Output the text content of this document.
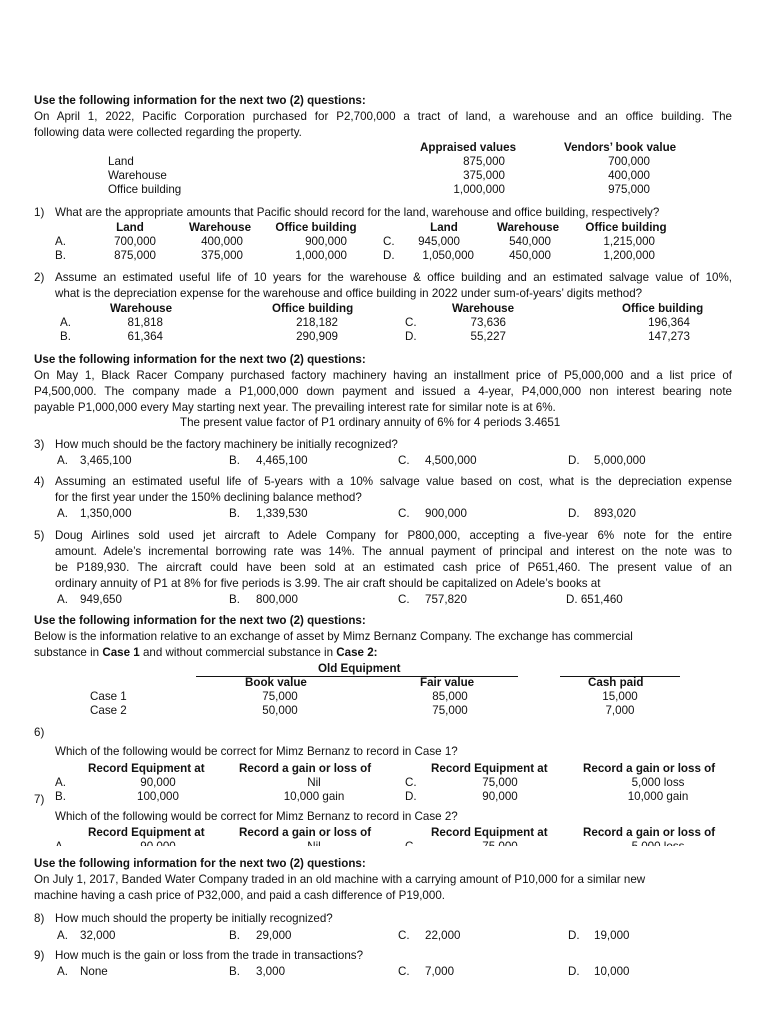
Use the following information for the next two (2) questions:
On April 1, 2022, Pacific Corporation purchased for P2,700,000 a tract of land, a warehouse and an office building. The
following data were collected regarding the property.
Appraised values	Vendors’ book value
Land	875,000	700,000
Warehouse	375,000	400,000
Office building	1,000,000	975,000
1) What are the appropriate amounts that Pacific should record for the land, warehouse and office building, respectively?
Land	Warehouse	Office building	Land	Warehouse	Office building
A.	700,000	400,000	900,000	C. 945,000	540,000	1,215,000
B.	875,000	375,000	1,000,000	D.	1,050,000	450,000	1,200,000
2) Assume an estimated useful life of 10 years for the warehouse & office building and an estimated salvage value of 10%,
what is the depreciation expense for the warehouse and office building in 2022 under sum-of-years’ digits method?
Warehouse	Office building	Warehouse	Office building
A.	81,818	218,182	C.	73,636	196,364
B.	61,364	290,909	D.	55,227	147,273
Use the following information for the next two (2) questions:
On May 1, Black Racer Company purchased factory machinery having an installment price of P5,000,000 and a list price of
P4,500,000. The company made a P1,000,000 down payment and issued a 4-year, P4,000,000 non interest bearing note
payable P1,000,000 every May starting next year. The prevailing interest rate for similar note is at 6%.
The present value factor of P1 ordinary annuity of 6% for 4 periods 3.4651
3) How much should be the factory machinery be initially recognized?
A. 3,465,100	B. 4,465,100	C. 4,500,000	D. 5,000,000
4) Assuming an estimated useful life of 5-years with a 10% salvage value based on cost, what is the depreciation expense
for the first year under the 150% declining balance method?
A. 1,350,000	B. 1,339,530	C. 900,000	D. 893,020
5) Doug Airlines sold used jet aircraft to Adele Company for P800,000, accepting a five-year 6% note for the entire
amount. Adele’s incremental borrowing rate was 14%. The annual payment of principal and interest on the note was to
be P189,930. The aircraft could have been sold at an estimated cash price of P651,460. The present value of an
ordinary annuity of P1 at 8% for five periods is 3.99. The air craft should be capitalized on Adele’s books at
A. 949,650	B. 800,000	C. 757,820	D. 651,460
Use the following information for the next two (2) questions:
Below is the information relative to an exchange of asset by Mimz Bernanz Company. The exchange has commercial
substance in Case 1 and without commercial substance in Case 2:
Old Equipment
Book value	Fair value	Cash paid
Case 1	75,000	85,000	15,000
Case 2	50,000	75,000	7,000
6)
Which of the following would be correct for Mimz Bernanz to record in Case 1?
Record Equipment at	Record a gain or loss of	Record Equipment at	Record a gain or loss of
A.	90,000	Nil	C.	75,000	5,000 loss
B.	100,000	10,000 gain	D.	90,000	10,000 gain
7)
Which of the following would be correct for Mimz Bernanz to record in Case 2?
Record Equipment at	Record a gain or loss of	Record Equipment at	Record a gain or loss of
Use the following information for the next two (2) questions:
On July 1, 2017, Banded Water Company traded in an old machine with a carrying amount of P10,000 for a similar new
machine having a cash price of P32,000, and paid a cash difference of P19,000.
8) How much should the property be initially recognized?
A. 32,000	B. 29,000	C. 22,000	D. 19,000
9) How much is the gain or loss from the trade in transactions?
A. None	B. 3,000	C. 7,000	D. 10,000
